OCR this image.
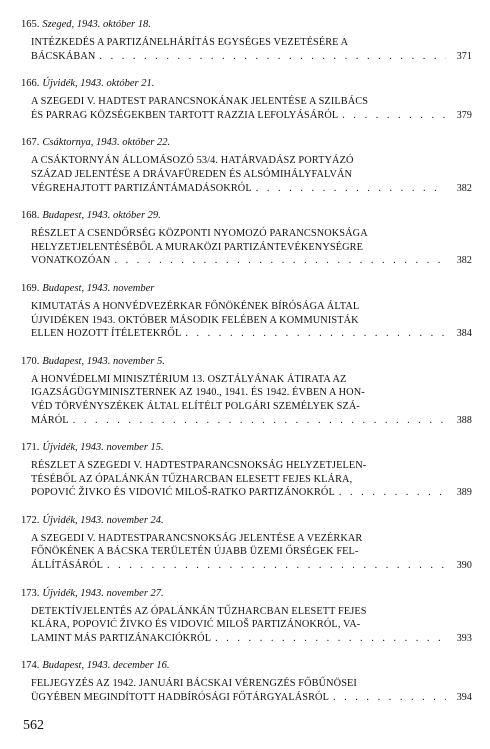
165. Szeged, 1943. október 18.
INTÉZKEDÉS A PARTIZÁNELHÁRÍTÁS EGYSÉGES VEZETÉSÉRE A
BÁCSKÁBAN . . .	371
166. Újvidék, 1943. október 21.
A SZEGEDI V. HADTEST PARANCSNOKÁNAK JELENTÉSE A SZILBÁCS
ÉS PARRAG KÖZSÉGEKBEN TARTOTT RAZZIA LEFOLYÁSÁRÓL . . .	379
167. Csáktornya, 1943. október 22.
A CSÁKTORNYÁN ÁLLOMÁSOZÓ 53/4. HATÁRVADÁSZ PORTYÁZÓ
SZÁZAD JELENTÉSE A DRÁVAFÜREDEN ÉS ALSÓMIHÁLYFALVÁN
VÉGREHAJTOTT PARTIZÁNTÁMADÁSOKRÓL . . .	382
168. Budapest, 1943. október 29.
RÉSZLET A CSENDŐRSÉG KÖZPONTI NYOMOZÓ PARANCSNOKSÁGA
HELYZETJELENTÉSÉBŐL A MURAKÖZI PARTIZÁNTEVÉKENYSÉGRE
VONATKOZÓAN . . .	382
169. Budapest, 1943. november
KIMUTATÁS A HONVÉDVEZÉRKAR FŐNÖKÉNEK BÍRÓSÁGA ÁLTAL
ÚJVIDÉKEN 1943. OKTÓBER MÁSODIK FELÉBEN A KOMMUNISTÁK
ELLEN HOZOTT ÍTÉLETEKRŐL . . .	384
170. Budapest, 1943. november 5.
A HONVÉDELMI MINISZTÉRIUM 13. OSZTÁLYÁNAK ÁTIRATA AZ
IGAZSÁGÜGYMINISZTERNEK AZ 1940., 1941. ÉS 1942. ÉVBEN A HON-
VÉD TÖRVÉNYSZÉKEK ÁLTAL ELÍTÉLT POLGÁRI SZEMÉLYEK SZÁ-
MÁRÓL . . .	388
171. Újvidék, 1943. november 15.
RÉSZLET A SZEGEDI V. HADTESTPARANCSNOKSÁG HELYZETJELEN-
TÉSÉBŐL AZ ÓPALÁNKÁN TŰZHARCBAN ELESETT FEJES KLÁRA,
POPOVIĆ ŽIVKO ÉS VIDOVIĆ MILOŠ-RATKO PARTIZÁNOKRÓL . . .	389
172. Újvidék, 1943. november 24.
A SZEGEDI V. HADTESTPARANCSNOKSÁG JELENTÉSE A VEZÉRKAR
FŐNÖKÉNEK A BÁCSKA TERÜLETÉN ÚJABB ÜZEMI ŐRSÉGEK FEL-
ÁLLÍTÁSÁRÓL . . .	390
173. Újvidék, 1943. november 27.
DETEKTÍVJELENTÉS AZ ÓPALÁNKÁN TŰZHARCBAN ELESETT FEJES
KLÁRA, POPOVIĆ ŽIVKO ÉS VIDOVIĆ MILOŠ PARTIZÁNOKRÓL, VA-
LAMINT MÁS PARTIZÁNAKCIÓKRÓL . . .	393
174. Budapest, 1943. december 16.
FELJEGYZÉS AZ 1942. JANUÁRI BÁCSKAI VÉRENGZÉS FŐBŰNÖSEI
ÜGYÉBEN MEGINDÍTOTT HADBÍRÓSÁGI FŐTÁRGYALÁSRÓL . . .	394
562
